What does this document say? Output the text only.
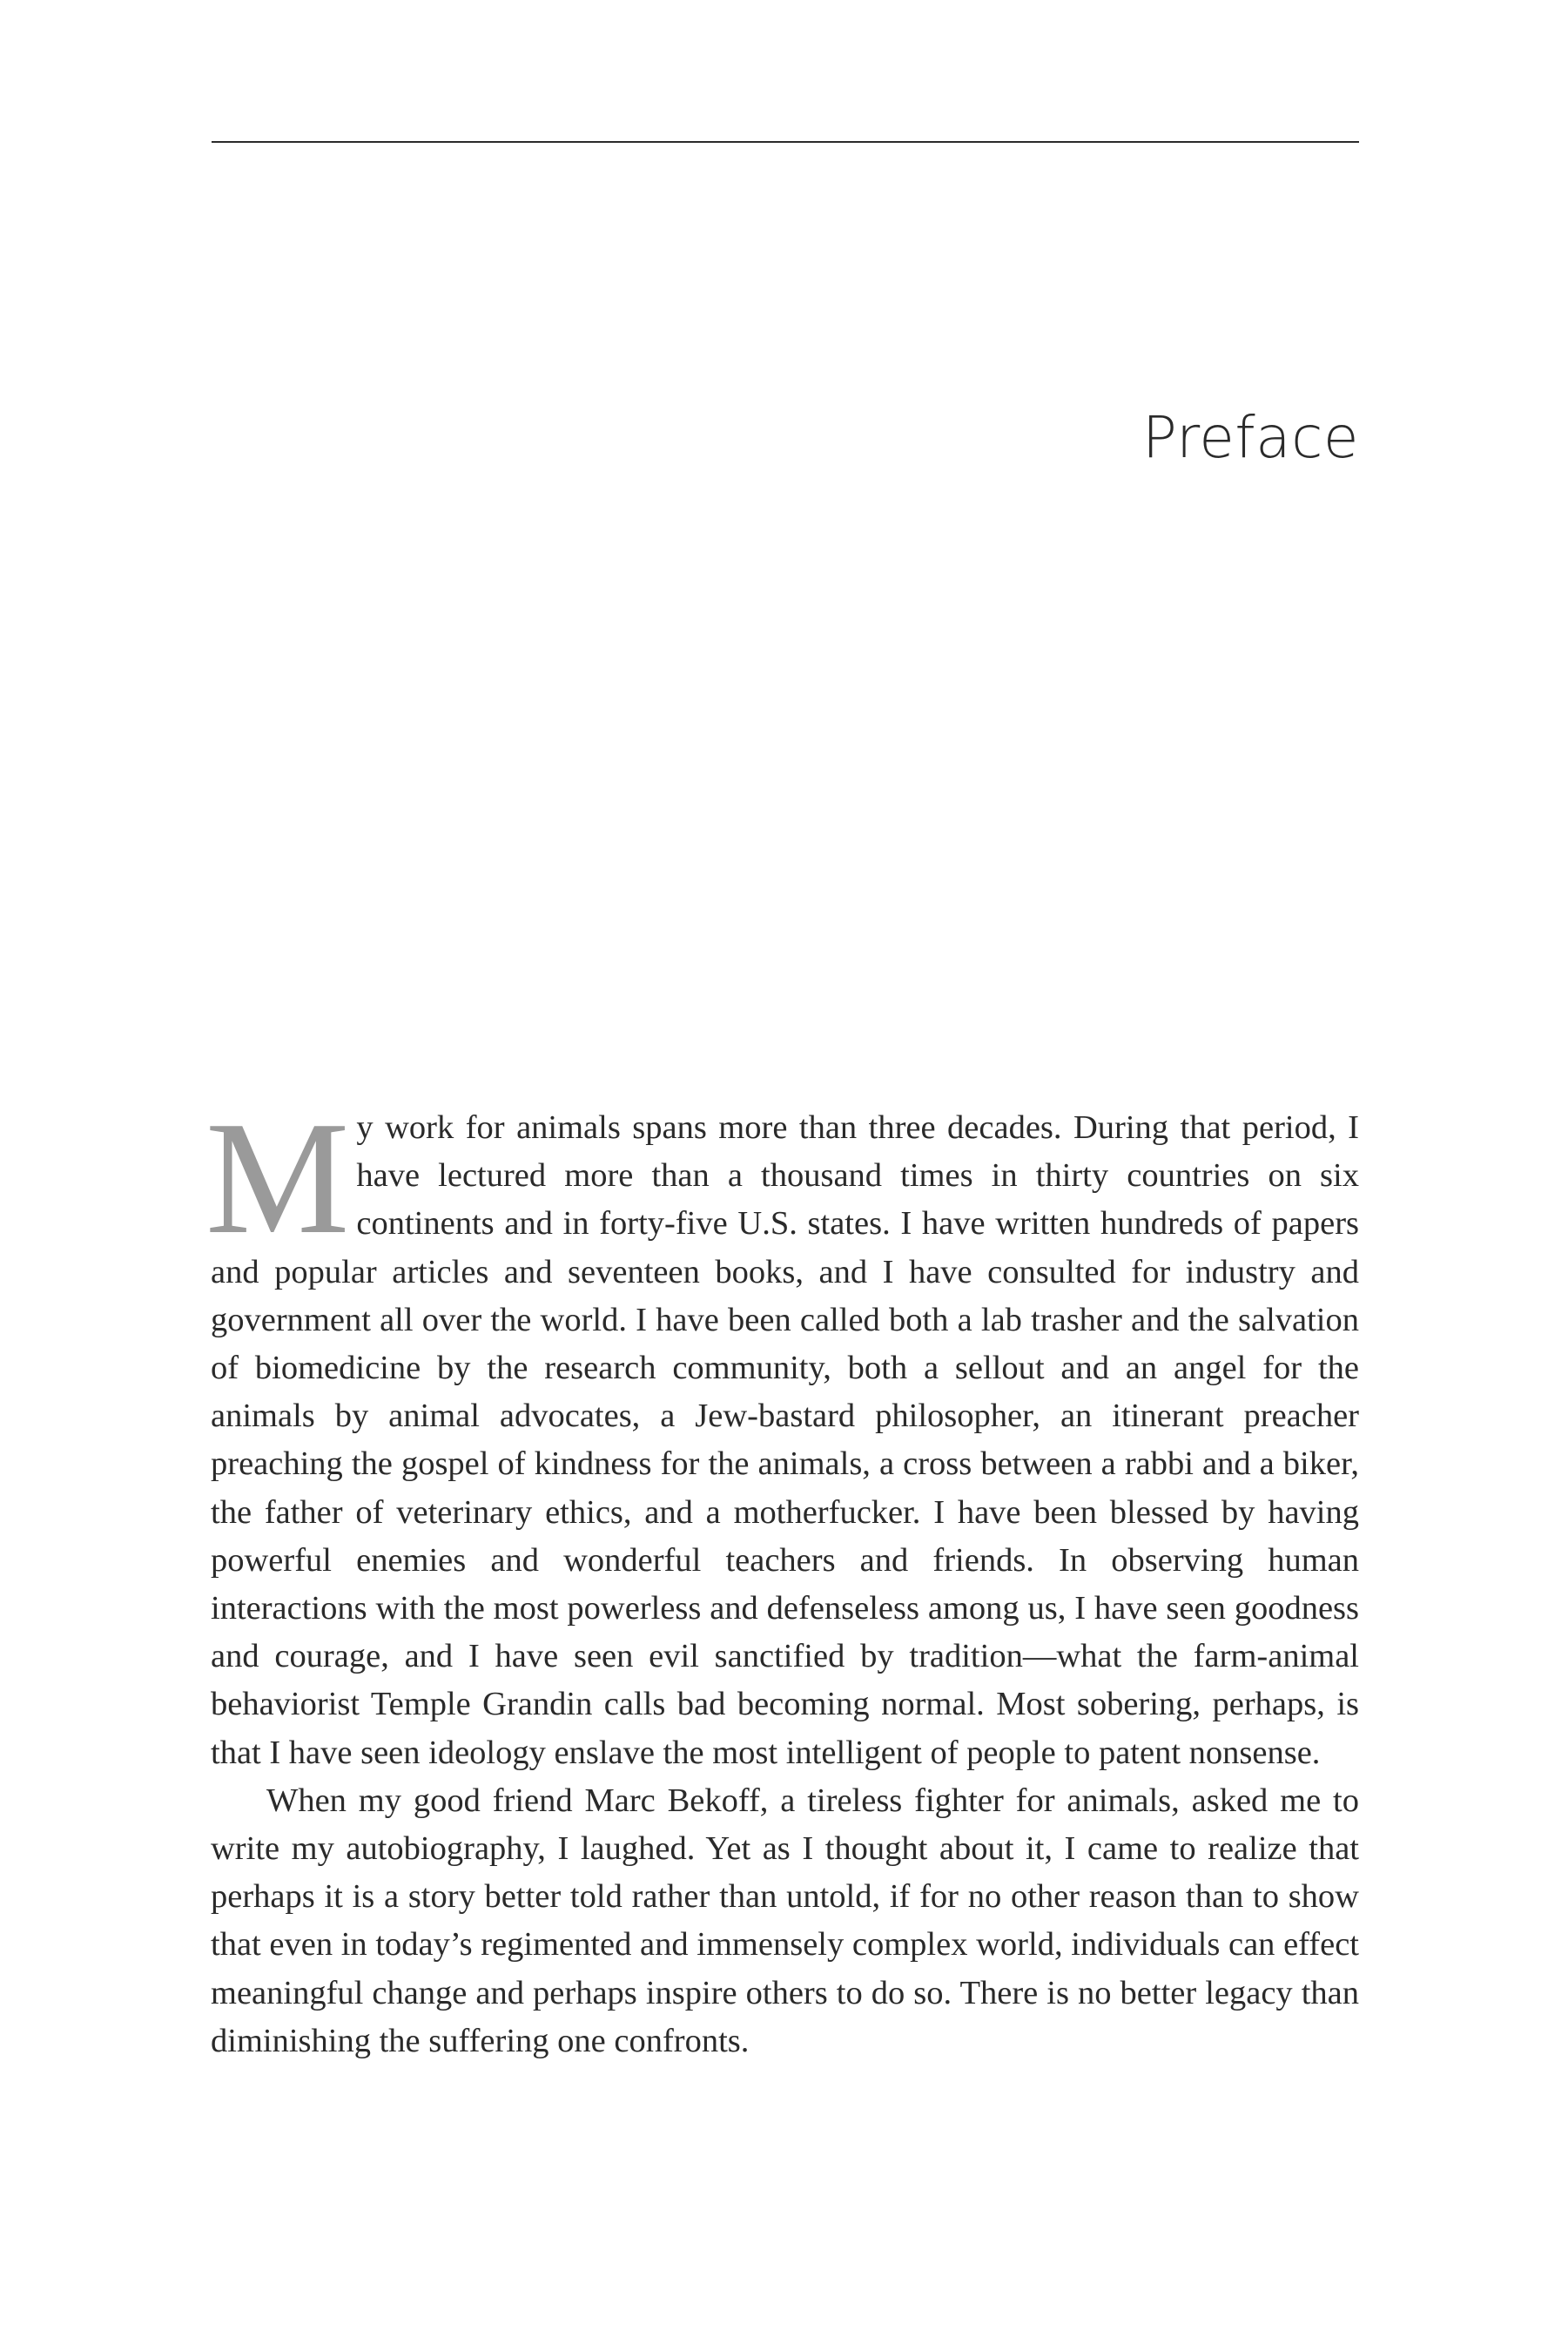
Preface

My work for animals spans more than three decades. During that period, I have lectured more than a thousand times in thirty countries on six continents and in forty-five U.S. states. I have written hundreds of papers and popular articles and seventeen books, and I have consulted for industry and government all over the world. I have been called both a lab trasher and the salvation of biomedicine by the research community, both a sellout and an angel for the animals by animal advocates, a Jew-bastard philosopher, an itinerant preacher preaching the gospel of kindness for the animals, a cross between a rabbi and a biker, the father of veterinary ethics, and a motherfucker. I have been blessed by having powerful enemies and wonderful teachers and friends. In observing human interactions with the most powerless and defenseless among us, I have seen goodness and courage, and I have seen evil sanctified by tradition—what the farm-animal behaviorist Temple Grandin calls bad becoming normal. Most sobering, perhaps, is that I have seen ideology enslave the most intelligent of people to patent nonsense.

When my good friend Marc Bekoff, a tireless fighter for animals, asked me to write my autobiography, I laughed. Yet as I thought about it, I came to realize that perhaps it is a story better told rather than untold, if for no other reason than to show that even in today’s regimented and immensely complex world, individuals can effect meaningful change and perhaps inspire others to do so. There is no better legacy than diminishing the suffering one confronts.
